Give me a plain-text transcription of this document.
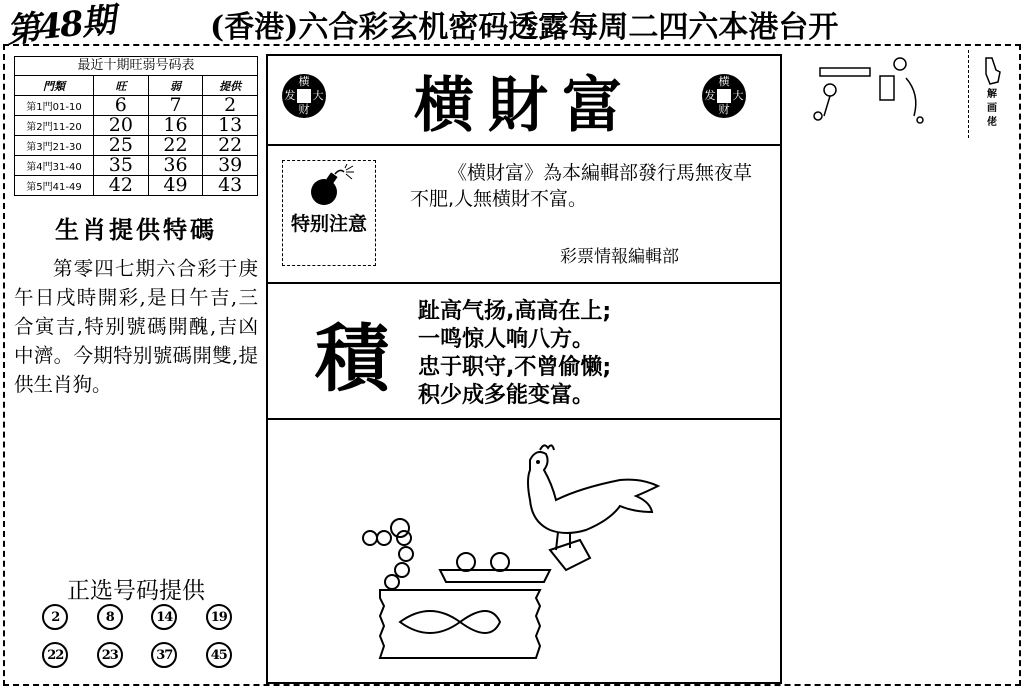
第48期	(香港)六合彩玄机密码透露每周二四六本港台开
最近十期旺弱号码表
門類	旺	弱	提供
第1門01-10	6	7	2
第2門11-20	20	16	13
第3門21-30	25	22	22
第4門31-40	35	36	39
第5門41-49	42	49	43
生肖提供特碼
第零四七期六合彩于庚午日戌時開彩,是日午吉,三合寅吉,特别號碼開醜,吉凶中濟。今期特别號碼開雙,提供生肖狗。
正选号码提供
2	8	14	19
22	23	37	45
横
发 大
财	横財富	横
发 大
财
特别注意
《横財富》為本編輯部發行馬無夜草不肥,人無横財不富。
彩票情報編輯部
積
趾高气扬,高高在上;
一鸣惊人响八方。
忠于职守,不曾偷懒;
积少成多能变富。
解画佬
